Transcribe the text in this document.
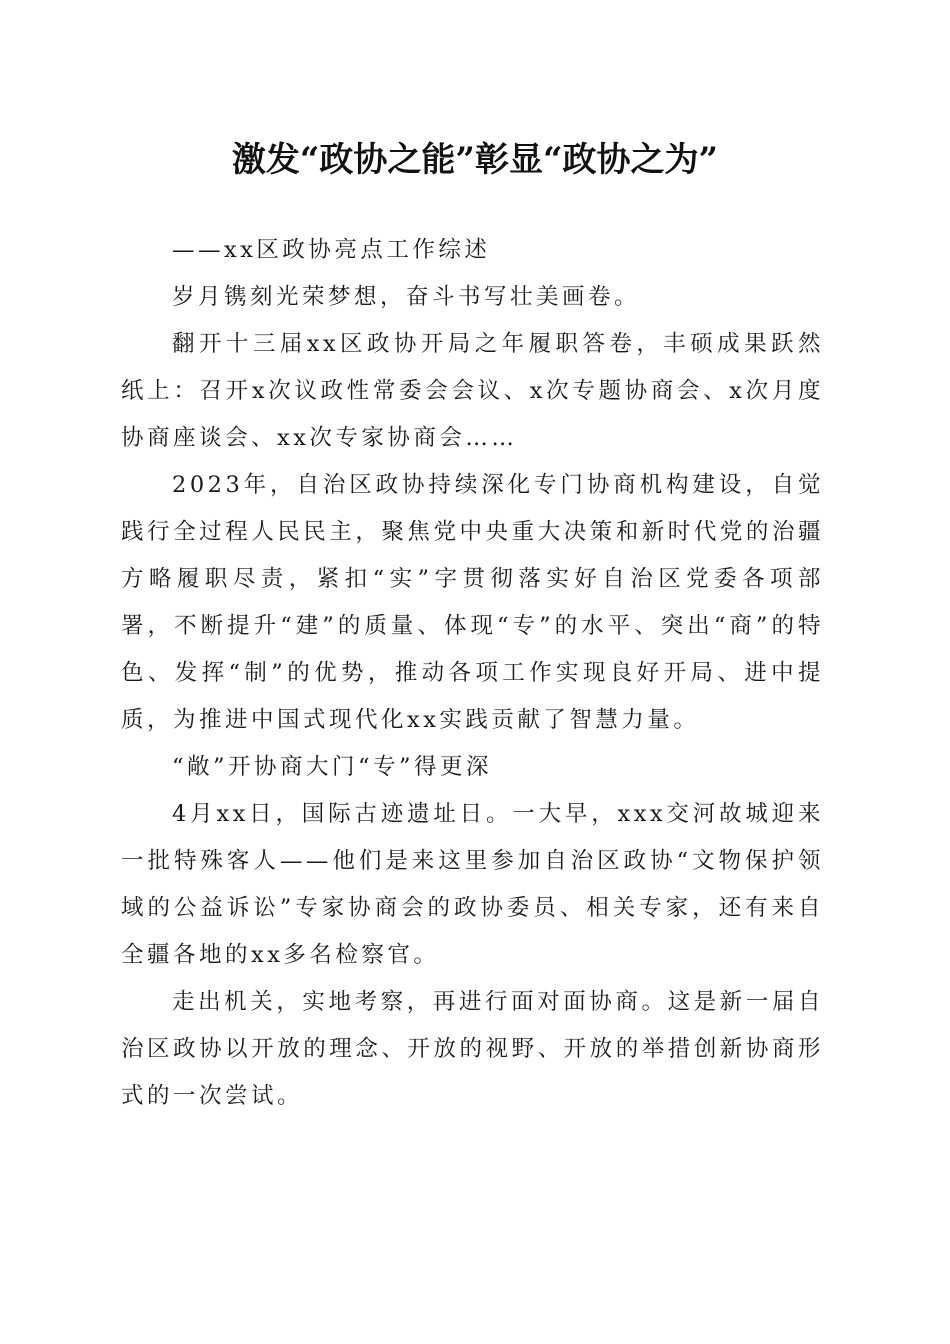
激发“政协之能”彰显“政协之为”

——xx区政协亮点工作综述

岁月镌刻光荣梦想，奋斗书写壮美画卷。

翻开十三届xx区政协开局之年履职答卷，丰硕成果跃然纸上：召开x次议政性常委会会议、x次专题协商会、x次月度协商座谈会、xx次专家协商会……

2023年，自治区政协持续深化专门协商机构建设，自觉践行全过程人民民主，聚焦党中央重大决策和新时代党的治疆方略履职尽责，紧扣“实”字贯彻落实好自治区党委各项部署，不断提升“建”的质量、体现“专”的水平、突出“商”的特色、发挥“制”的优势，推动各项工作实现良好开局、进中提质，为推进中国式现代化xx实践贡献了智慧力量。

“敞”开协商大门“专”得更深

4月xx日，国际古迹遗址日。一大早，xxx交河故城迎来一批特殊客人——他们是来这里参加自治区政协“文物保护领域的公益诉讼”专家协商会的政协委员、相关专家，还有来自全疆各地的xx多名检察官。

走出机关，实地考察，再进行面对面协商。这是新一届自治区政协以开放的理念、开放的视野、开放的举措创新协商形式的一次尝试。
